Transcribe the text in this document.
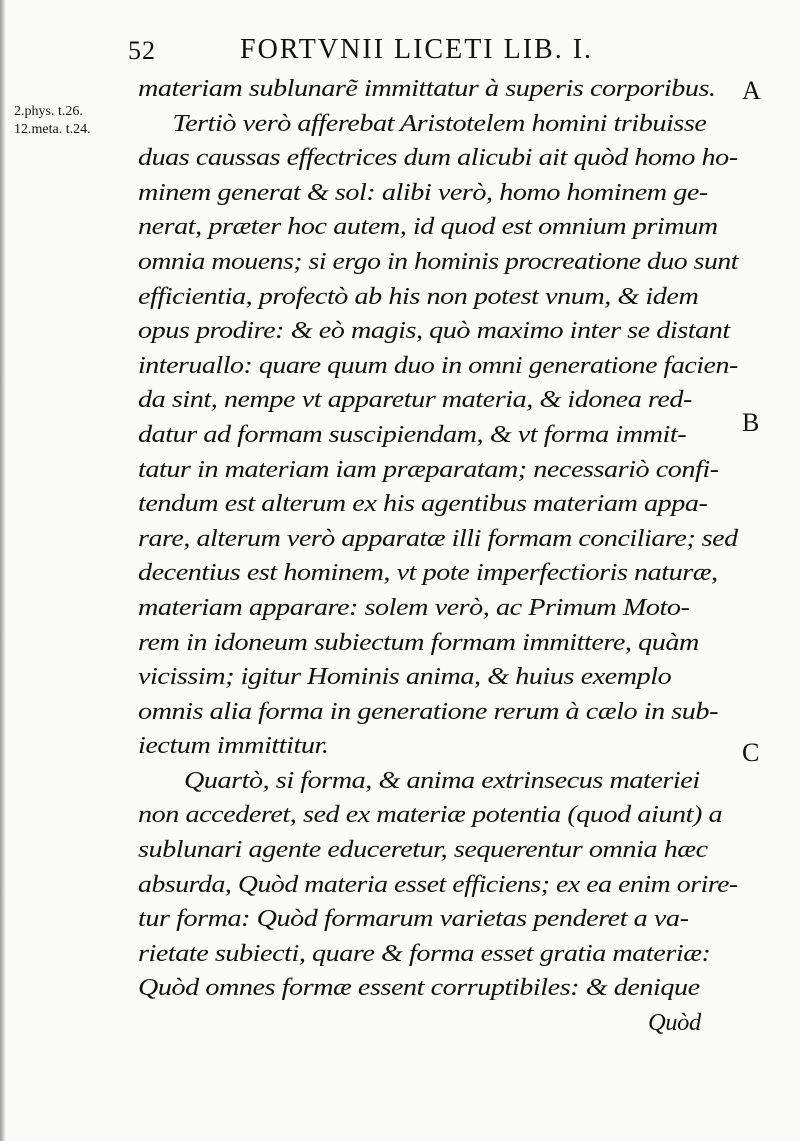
52	FORTVNII LICETI LIB. I.
2.phys. t.26.
12.meta. t.24.
A
B
C
materiam sublunarẽ immittatur à superis corporibus.
Tertiò verò afferebat Aristotelem homini tribuisse
duas caussas effectrices dum alicubi ait quòd homo ho-
minem generat & sol: alibi verò, homo hominem ge-
nerat, præter hoc autem, id quod est omnium primum
omnia mouens; si ergo in hominis procreatione duo sunt
efficientia, profectò ab his non potest vnum, & idem
opus prodire: & eò magis, quò maximo inter se distant
interuallo: quare quum duo in omni generatione facien-
da sint, nempe vt apparetur materia, & idonea red-
datur ad formam suscipiendam, & vt forma immit-
tatur in materiam iam præparatam; necessariò confi-
tendum est alterum ex his agentibus materiam appa-
rare, alterum verò apparatæ illi formam conciliare; sed
decentius est hominem, vt pote imperfectioris naturæ,
materiam apparare: solem verò, ac Primum Moto-
rem in idoneum subiectum formam immittere, quàm
vicissim; igitur Hominis anima, & huius exemplo
omnis alia forma in generatione rerum à cælo in sub-
iectum immittitur.
Quartò, si forma, & anima extrinsecus materiei
non accederet, sed ex materiæ potentia (quod aiunt) a
sublunari agente educeretur, sequerentur omnia hæc
absurda, Quòd materia esset efficiens; ex ea enim orire-
tur forma: Quòd formarum varietas penderet a va-
rietate subiecti, quare & forma esset gratia materiæ:
Quòd omnes formæ essent corruptibiles: & denique
Quòd
